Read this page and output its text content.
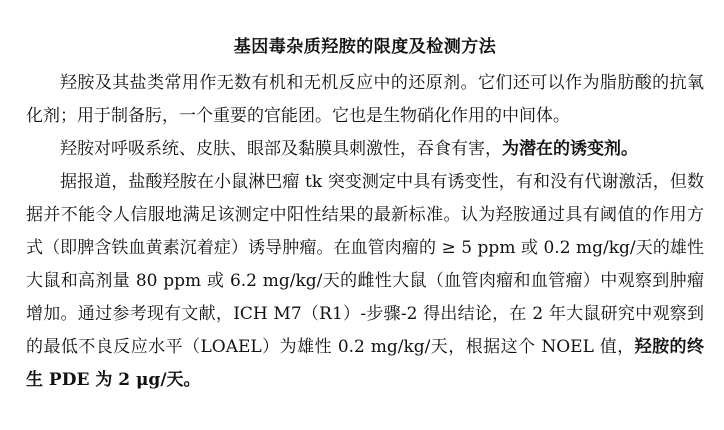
基因毒杂质羟胺的限度及检测方法

羟胺及其盐类常用作无数有机和无机反应中的还原剂。它们还可以作为脂肪酸的抗氧化剂；用于制备肟，一个重要的官能团。它也是生物硝化作用的中间体。

羟胺对呼吸系统、皮肤、眼部及黏膜具刺激性，吞食有害，为潜在的诱变剂。

据报道，盐酸羟胺在小鼠淋巴瘤 tk 突变测定中具有诱变性，有和没有代谢激活，但数据并不能令人信服地满足该测定中阳性结果的最新标准。认为羟胺通过具有阈值的作用方式（即脾含铁血黄素沉着症）诱导肿瘤。在血管肉瘤的 ≥ 5 ppm 或 0.2 mg/kg/天的雄性大鼠和高剂量 80 ppm 或 6.2 mg/kg/天的雌性大鼠（血管肉瘤和血管瘤）中观察到肿瘤增加。通过参考现有文献，ICH M7（R1）-步骤-2 得出结论，在 2 年大鼠研究中观察到的最低不良反应水平（LOAEL）为雄性 0.2 mg/kg/天，根据这个 NOEL 值，羟胺的终生 PDE 为 2 μg/天。
